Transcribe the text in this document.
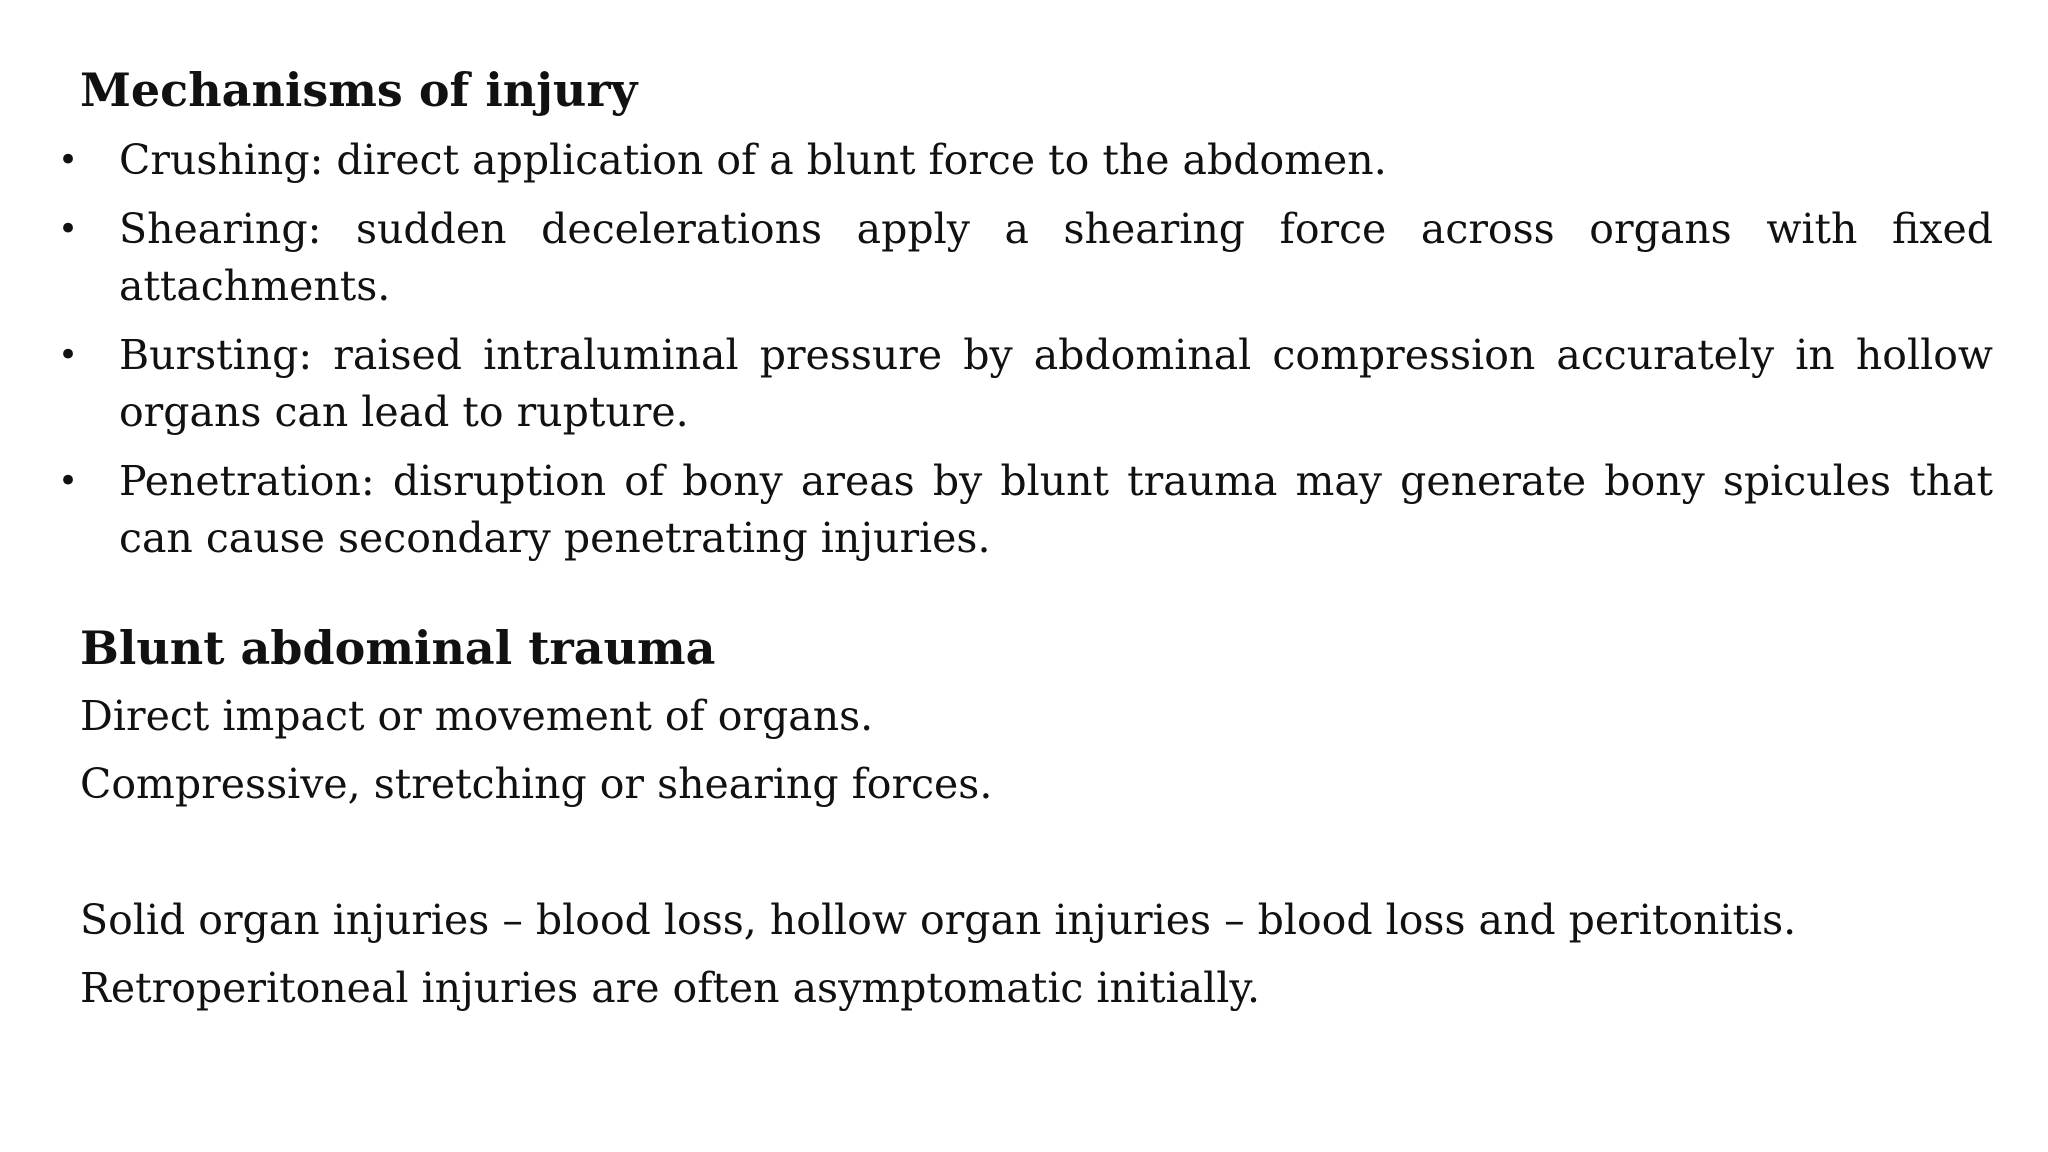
Mechanisms of injury
• Crushing: direct application of a blunt force to the abdomen.
• Shearing: sudden decelerations apply a shearing force across organs with fixed attachments.
• Bursting: raised intraluminal pressure by abdominal compression accurately in hollow organs can lead to rupture.
• Penetration: disruption of bony areas by blunt trauma may generate bony spicules that can cause secondary penetrating injuries.
Blunt abdominal trauma

Direct impact or movement of organs.

Compressive, stretching or shearing forces.

Solid organ injuries – blood loss, hollow organ injuries – blood loss and peritonitis.

Retroperitoneal injuries are often asymptomatic initially.
